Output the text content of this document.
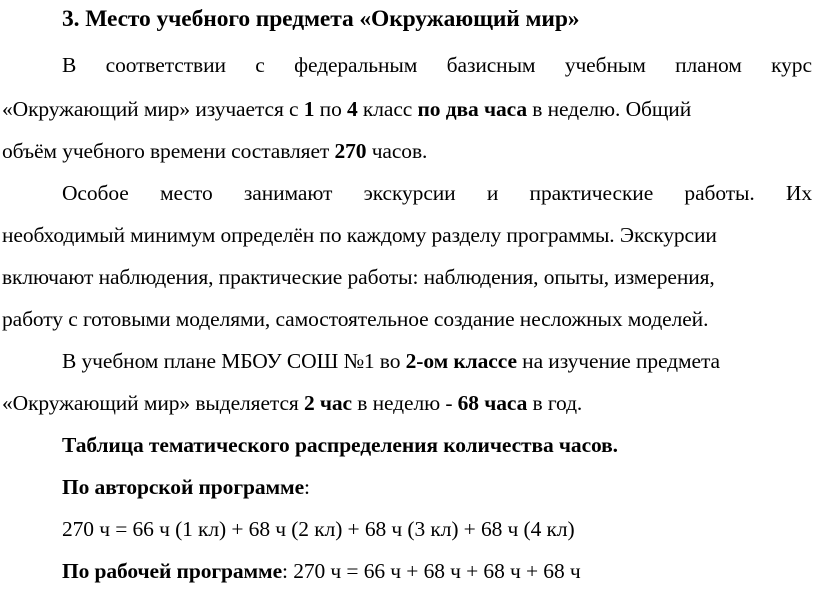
3. Место учебного предмета «Окружающий мир»
В соответствии с федеральным базисным учебным планом курс
«Окружающий мир» изучается с 1 по 4 класс по два часа в неделю. Общий
объём учебного времени составляет 270 часов.
Особое место занимают экскурсии и практические работы. Их
необходимый минимум определён по каждому разделу программы. Экскурсии
включают наблюдения, практические работы: наблюдения, опыты, измерения,
работу с готовыми моделями, самостоятельное создание несложных моделей.
В учебном плане МБОУ СОШ №1 во 2-ом классе на изучение предмета
«Окружающий мир» выделяется 2 час в неделю - 68 часа в год.
Таблица тематического распределения количества часов.
По авторской программе:
270 ч = 66 ч (1 кл) + 68 ч (2 кл) + 68 ч (3 кл) + 68 ч (4 кл)
По рабочей программе: 270 ч = 66 ч + 68 ч + 68 ч + 68 ч
